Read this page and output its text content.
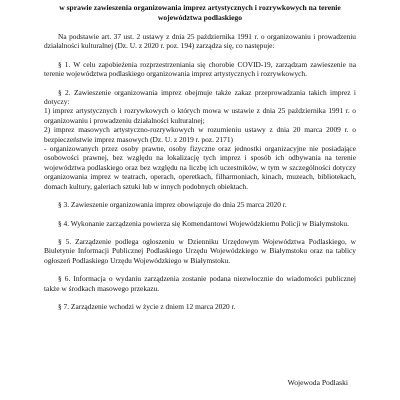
w sprawie zawieszenia organizowania imprez artystycznych i rozrywkowych na terenie

województwa podlaskiego

Na podstawie art. 37 ust. 2 ustawy z dnia 25 października 1991 r. o organizowaniu i prowadzeniu działalności kulturalnej (Dz. U. z 2020 r. poz. 194) zarządza się, co następuje:

§ 1. W celu zapobieżenia rozprzestrzeniania się chorobie COVID-19, zarządzam zawieszenie na terenie województwa podlaskiego organizowania imprez artystycznych i rozrywkowych.

§ 2. Zawieszenie organizowania imprez obejmuje także zakaz przeprowadzania takich imprez i dotyczy:

1) imprez artystycznych i rozrywkowych o których mowa w ustawie z dnia 25 października 1991 r. o organizowaniu i prowadzeniu działalności kulturalnej;

2) imprez masowych artystyczno-rozrywkowych w rozumieniu ustawy z dnia 20 marca 2009 r. o bezpieczeństwie imprez masowych (Dz. U. z 2019 r. poz. 2171)

- organizowanych przez osoby prawne, osoby fizyczne oraz jednostki organizacyjne nie posiadające osobowości prawnej, bez względu na lokalizację tych imprez i sposób ich odbywania na terenie województwa podlaskiego oraz bez względu na liczbę ich uczestników, w tym w szczególności dotyczy organizowania imprez w teatrach, operach, operetkach, filharmoniach, kinach, muzeach, bibliotekach, domach kultury, galeriach sztuki lub w innych podobnych obiektach.

§ 3. Zawieszenie organizowania imprez obowiązuje do dnia 25 marca 2020 r.

§ 4. Wykonanie zarządzenia powierza się Komendantowi Wojewódzkiemu Policji w Białymstoku.

§ 5. Zarządzenie podlega ogłoszeniu w Dzienniku Urzędowym Województwa Podlaskiego, w Biuletynie Informacji Publicznej Podlaskiego Urzędu Wojewódzkiego w Białymstoku oraz na tablicy ogłoszeń Podlaskiego Urzędu Wojewódzkiego w Białymstoku.

§ 6. Informacja o wydaniu zarządzenia zostanie podana niezwłocznie do wiadomości publicznej także w środkach masowego przekazu.

§ 7. Zarządzenie wchodzi w życie z dniem 12 marca 2020 r.

Wojewoda Podlaski
